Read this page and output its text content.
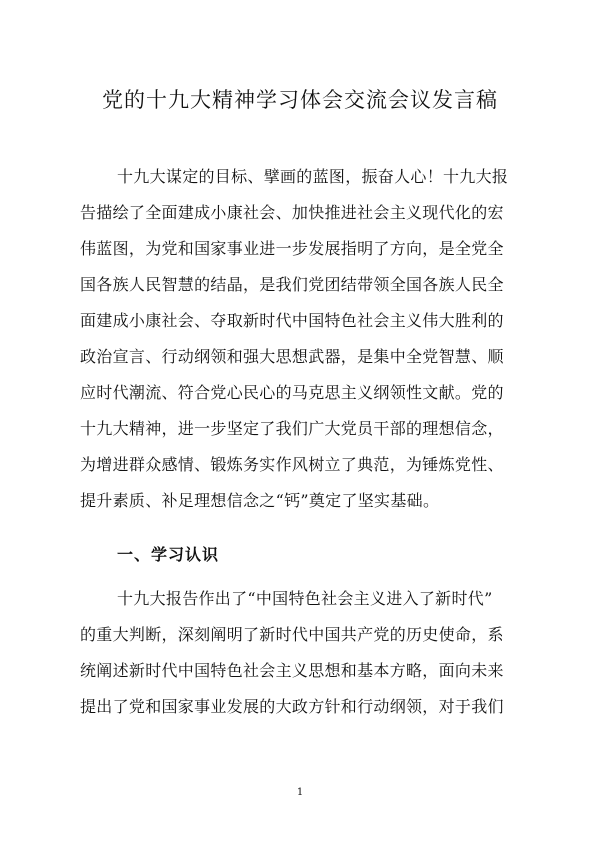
党的十九大精神学习体会交流会议发言稿
十九大谋定的目标、擘画的蓝图，振奋人心！十九大报
告描绘了全面建成小康社会、加快推进社会主义现代化的宏
伟蓝图，为党和国家事业进一步发展指明了方向，是全党全
国各族人民智慧的结晶，是我们党团结带领全国各族人民全
面建成小康社会、夺取新时代中国特色社会主义伟大胜利的
政治宣言、行动纲领和强大思想武器，是集中全党智慧、顺
应时代潮流、符合党心民心的马克思主义纲领性文献。党的
十九大精神，进一步坚定了我们广大党员干部的理想信念，
为增进群众感情、锻炼务实作风树立了典范，为锤炼党性、
提升素质、补足理想信念之“钙”奠定了坚实基础。
一、学习认识
十九大报告作出了“中国特色社会主义进入了新时代”
的重大判断，深刻阐明了新时代中国共产党的历史使命，系
统阐述新时代中国特色社会主义思想和基本方略，面向未来
提出了党和国家事业发展的大政方针和行动纲领，对于我们
1
